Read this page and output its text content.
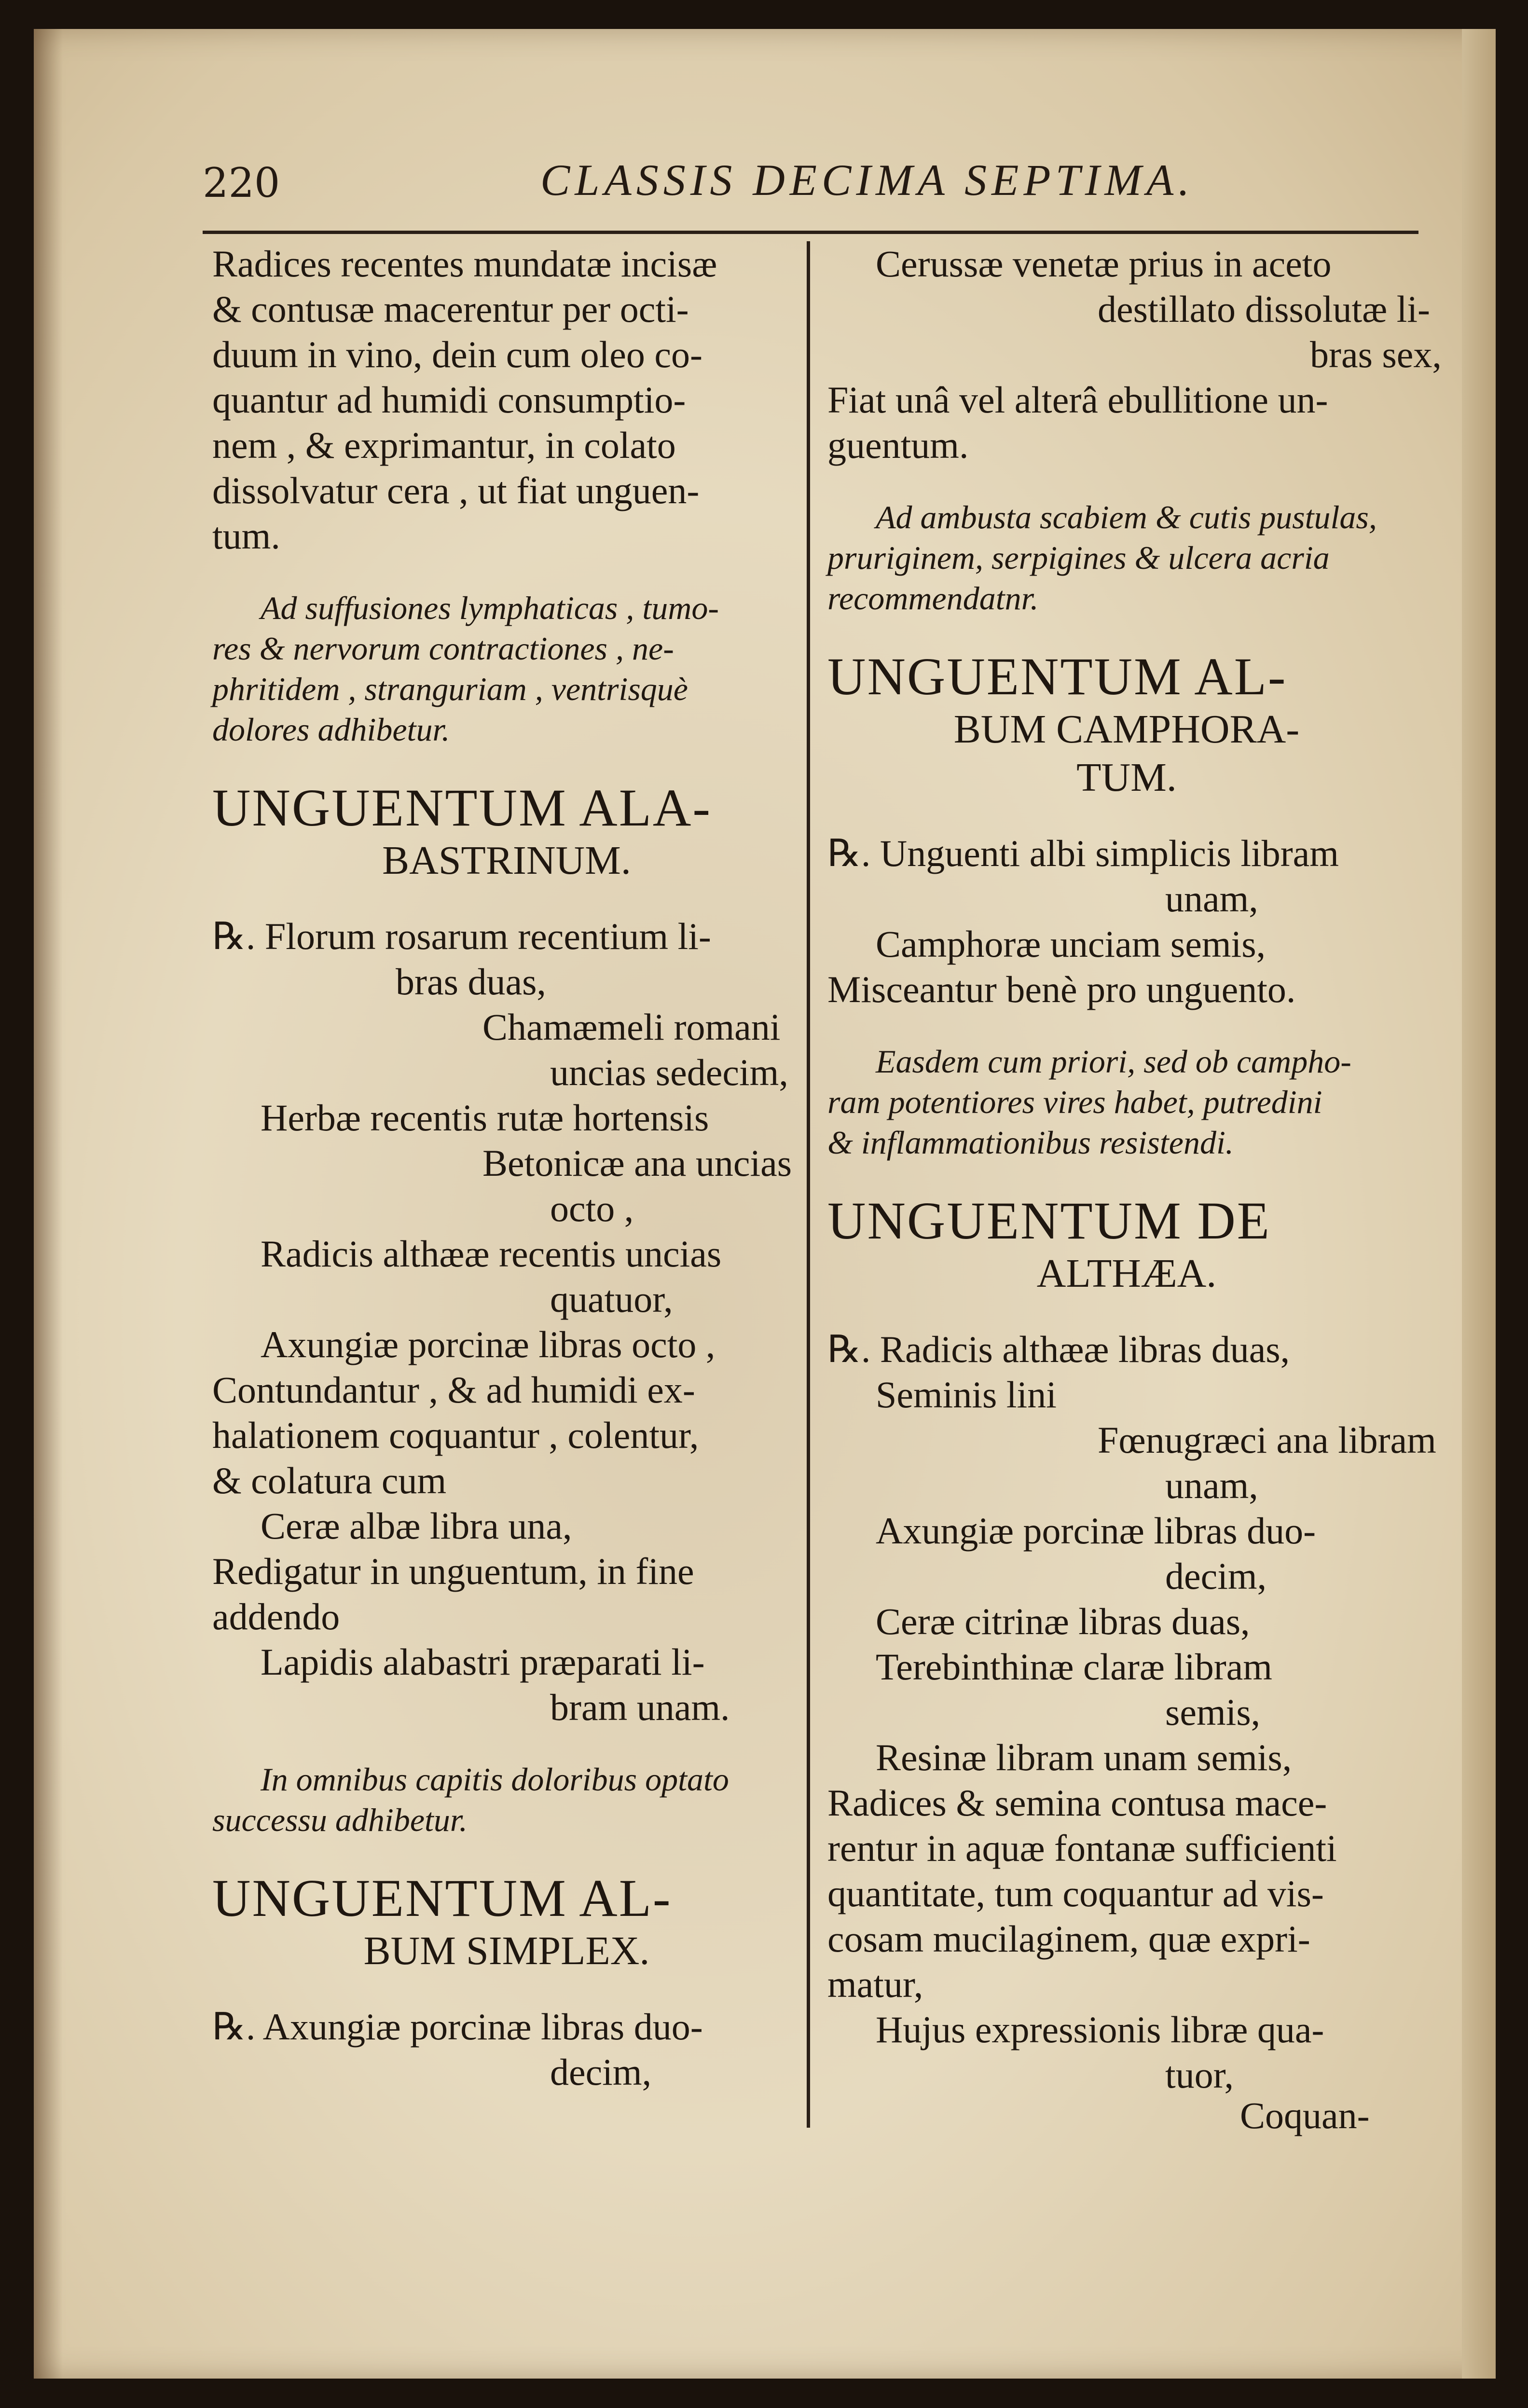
220	CLASSIS DECIMA SEPTIMA.
Radices recentes mundatæ incisæ
& contusæ macerentur per octi-
duum in vino, dein cum oleo co-
quantur ad humidi consumptio-
nem , & exprimantur, in colato
dissolvatur cera , ut fiat unguen-
tum.
Ad suffusiones lymphaticas , tumo-
res & nervorum contractiones , ne-
phritidem , stranguriam , ventrisquè
dolores adhibetur.
UNGUENTUM ALA-
BASTRINUM.
℞. Florum rosarum recentium li-
bras duas,
Chamæmeli romani
uncias sedecim,
Herbæ recentis rutæ hortensis
Betonicæ ana uncias
octo ,
Radicis althææ recentis uncias
quatuor,
Axungiæ porcinæ libras octo ,
Contundantur , & ad humidi ex-
halationem coquantur , colentur,
& colatura cum
Ceræ albæ libra una,
Redigatur in unguentum, in fine
addendo
Lapidis alabastri præparati li-
bram unam.
In omnibus capitis doloribus optato
successu adhibetur.
UNGUENTUM AL-
BUM SIMPLEX.
℞. Axungiæ porcinæ libras duo-
decim,
Cerussæ venetæ prius in aceto
destillato dissolutæ li-
bras sex,
Fiat unâ vel alterâ ebullitione un-
guentum.
Ad ambusta scabiem & cutis pustulas,
pruriginem, serpigines & ulcera acria
recommendatnr.
UNGUENTUM AL-
BUM CAMPHORA-
TUM.
℞. Unguenti albi simplicis libram
unam,
Camphoræ unciam semis,
Misceantur benè pro unguento.
Easdem cum priori, sed ob campho-
ram potentiores vires habet, putredini
& inflammationibus resistendi.
UNGUENTUM DE
ALTHÆA.
℞. Radicis althææ libras duas,
Seminis lini
Fœnugræci ana libram
unam,
Axungiæ porcinæ libras duo-
decim,
Ceræ citrinæ libras duas,
Terebinthinæ claræ libram
semis,
Resinæ libram unam semis,
Radices & semina contusa mace-
rentur in aquæ fontanæ sufficienti
quantitate, tum coquantur ad vis-
cosam mucilaginem, quæ expri-
matur,
Hujus expressionis libræ qua-
tuor,
Coquan-
